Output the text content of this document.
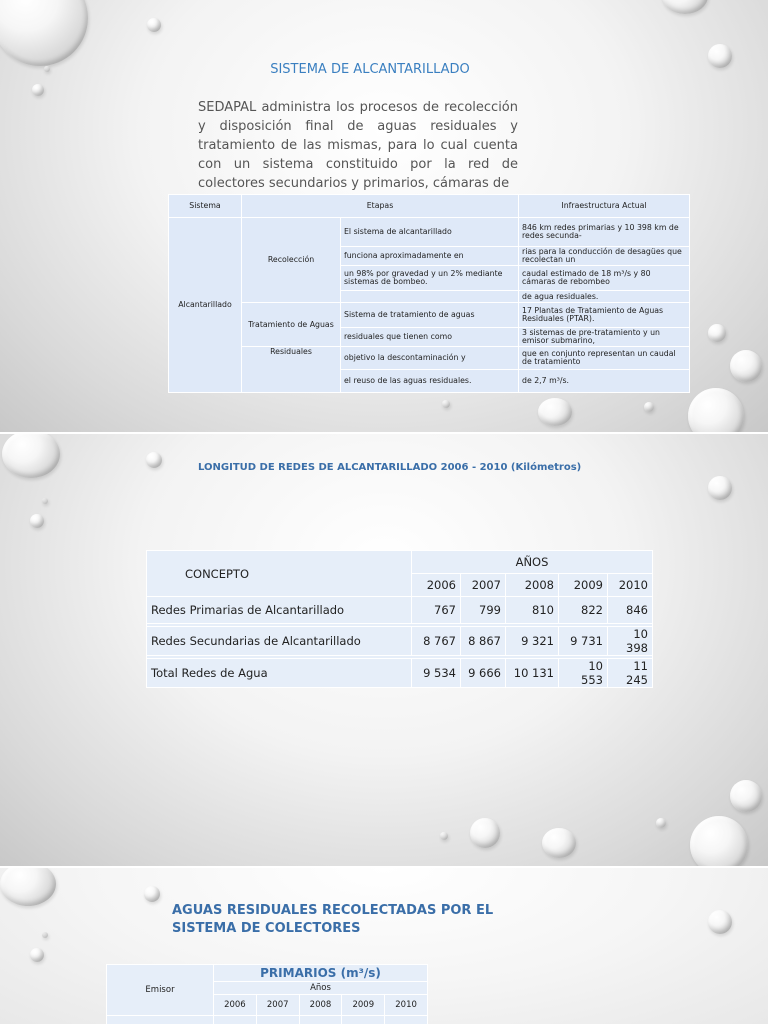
SISTEMA DE ALCANTARILLADO
SEDAPAL administra los procesos de recolección y disposición final de aguas residuales y tratamiento de las mismas, para lo cual cuenta con un sistema constituido por la red de colectores secundarios y primarios, cámaras de
Sistema	Etapas		Infraestructura Actual
Alcantarillado	Recolección	El sistema de alcantarillado	846 km redes primarias y 10 398 km de redes secunda-
		funciona aproximadamente en	rias para la conducción de desagües que recolectan un
		un 98% por gravedad y un 2% mediante sistemas de bombeo.	caudal estimado de 18 m³/s y 80 cámaras de rebombeo
			de agua residuales.
	Tratamiento de Aguas	Sistema de tratamiento de aguas	17 Plantas de Tratamiento de Aguas Residuales (PTAR).
		residuales que tienen como	3 sistemas de pre-tratamiento y un emisor submarino,
	Residuales	objetivo la descontaminación y	que en conjunto representan un caudal de tratamiento
		el reuso de las aguas residuales.	de 2,7 m³/s.
LONGITUD DE REDES DE ALCANTARILLADO 2006 - 2010 (Kilómetros)
CONCEPTO	AÑOS				
	2006	2007	2008	2009	2010
Redes Primarias de Alcantarillado	767	799	810	822	846

Redes Secundarias de Alcantarillado	8 767	8 867	9 321	9 731	10 398

Total Redes de Agua	9 534	9 666	10 131	10 553	11 245
AGUAS RESIDUALES RECOLECTADAS POR EL SISTEMA DE COLECTORES
Emisor	PRIMARIOS (m³/s)				
	Años				
	2006	2007	2008	2009	2010
